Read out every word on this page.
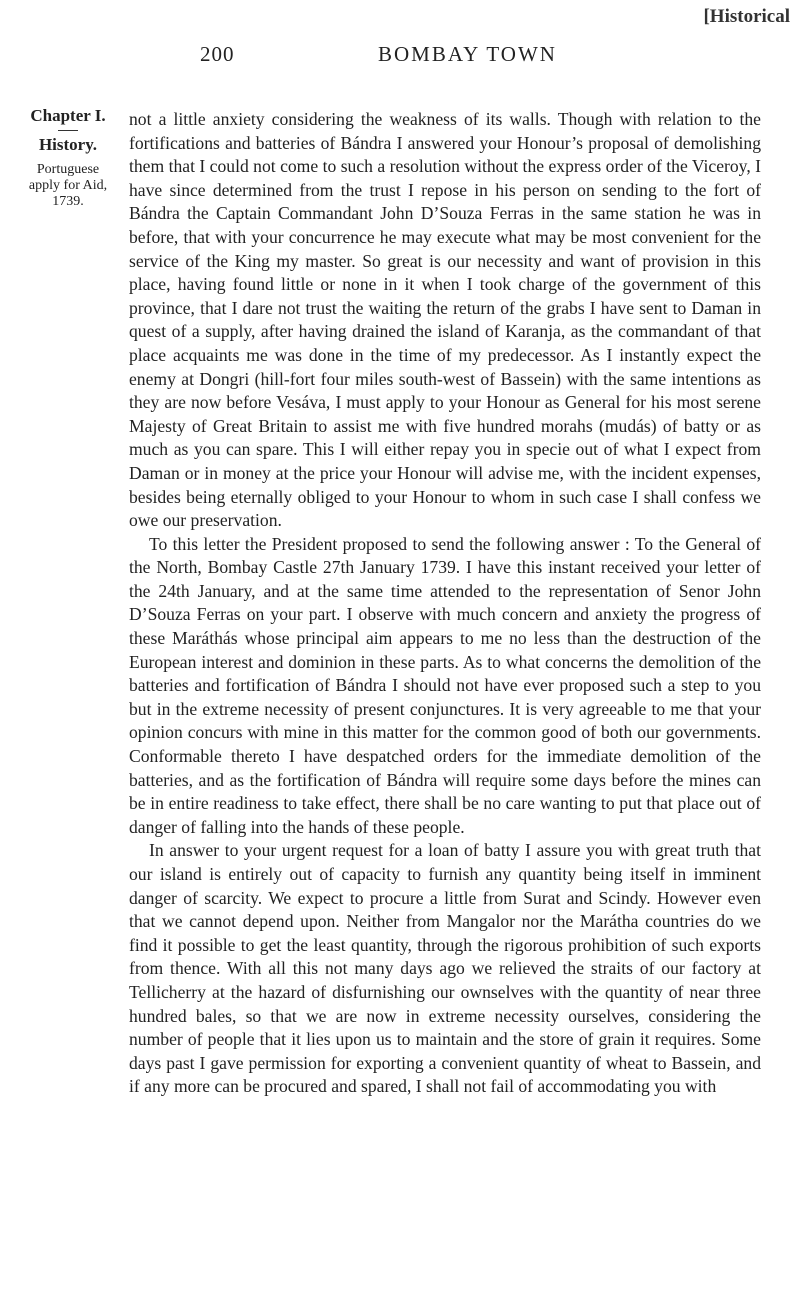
[Historical
200	BOMBAY TOWN
Chapter I.
History.
Portuguese apply for Aid,
1739.

not a little anxiety considering the weakness of its walls. Though with relation to the fortifications and batteries of Bándra I answered your Honour’s proposal of demolishing them that I could not come to such a resolution without the express order of the Viceroy, I have since determined from the trust I repose in his person on sending to the fort of Bándra the Captain Commandant John D’Souza Ferras in the same station he was in before, that with your concurrence he may execute what may be most convenient for the service of the King my master. So great is our necessity and want of provision in this place, having found little or none in it when I took charge of the government of this province, that I dare not trust the waiting the return of the grabs I have sent to Daman in quest of a supply, after having drained the island of Karanja, as the commandant of that place acquaints me was done in the time of my predecessor. As I instantly expect the enemy at Dongri (hill-fort four miles south-west of Bassein) with the same intentions as they are now before Vesáva, I must apply to your Honour as General for his most serene Majesty of Great Britain to assist me with five hundred morahs (mudás) of batty or as much as you can spare. This I will either repay you in specie out of what I expect from Daman or in money at the price your Honour will advise me, with the incident expenses, besides being eternally obliged to your Honour to whom in such case I shall confess we owe our preservation.

To this letter the President proposed to send the following answer : To the General of the North, Bombay Castle 27th January 1739. I have this instant received your letter of the 24th January, and at the same time attended to the representation of Senor John D’Souza Ferras on your part. I observe with much concern and anxiety the progress of these Maráthás whose principal aim appears to me no less than the destruction of the European interest and dominion in these parts. As to what concerns the demolition of the batteries and fortification of Bándra I should not have ever proposed such a step to you but in the extreme necessity of present conjunctures. It is very agreeable to me that your opinion concurs with mine in this matter for the common good of both our governments. Conformable thereto I have despatched orders for the immediate demolition of the batteries, and as the fortification of Bándra will require some days before the mines can be in entire readiness to take effect, there shall be no care wanting to put that place out of danger of falling into the hands of these people.

In answer to your urgent request for a loan of batty I assure you with great truth that our island is entirely out of capacity to furnish any quantity being itself in imminent danger of scarcity. We expect to procure a little from Surat and Scindy. However even that we cannot depend upon. Neither from Mangalor nor the Marátha countries do we find it possible to get the least quantity, through the rigorous prohibition of such exports from thence. With all this not many days ago we relieved the straits of our factory at Tellicherry at the hazard of disfurnishing our ownselves with the quantity of near three hundred bales, so that we are now in extreme necessity ourselves, considering the number of people that it lies upon us to maintain and the store of grain it requires. Some days past I gave permission for exporting a convenient quantity of wheat to Bassein, and if any more can be procured and spared, I shall not fail of accommodating you with
